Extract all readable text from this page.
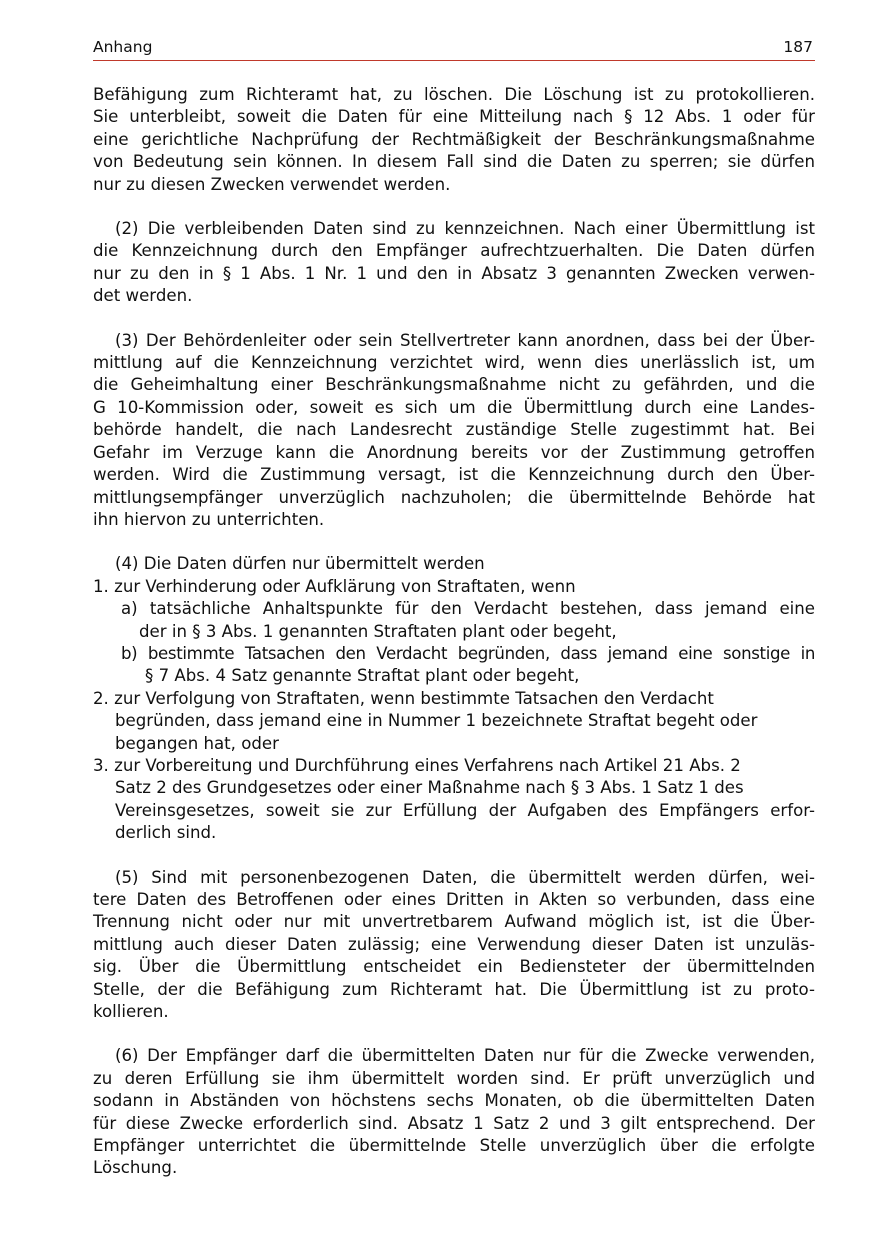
Anhang	187
Befähigung zum Richteramt hat, zu löschen. Die Löschung ist zu protokollieren.
Sie unterbleibt, soweit die Daten für eine Mitteilung nach § 12 Abs. 1 oder für
eine gerichtliche Nachprüfung der Rechtmäßigkeit der Beschränkungsmaßnahme
von Bedeutung sein können. In diesem Fall sind die Daten zu sperren; sie dürfen
nur zu diesen Zwecken verwendet werden.
(2) Die verbleibenden Daten sind zu kennzeichnen. Nach einer Übermittlung ist
die Kennzeichnung durch den Empfänger aufrechtzuerhalten. Die Daten dürfen
nur zu den in § 1 Abs. 1 Nr. 1 und den in Absatz 3 genannten Zwecken verwen-
det werden.
(3) Der Behördenleiter oder sein Stellvertreter kann anordnen, dass bei der Über-
mittlung auf die Kennzeichnung verzichtet wird, wenn dies unerlässlich ist, um
die Geheimhaltung einer Beschränkungsmaßnahme nicht zu gefährden, und die
G 10-Kommission oder, soweit es sich um die Übermittlung durch eine Landes-
behörde handelt, die nach Landesrecht zuständige Stelle zugestimmt hat. Bei
Gefahr im Verzuge kann die Anordnung bereits vor der Zustimmung getroffen
werden. Wird die Zustimmung versagt, ist die Kennzeichnung durch den Über-
mittlungsempfänger unverzüglich nachzuholen; die übermittelnde Behörde hat
ihn hiervon zu unterrichten.
(4) Die Daten dürfen nur übermittelt werden
1. zur Verhinderung oder Aufklärung von Straftaten, wenn
a) tatsächliche Anhaltspunkte für den Verdacht bestehen, dass jemand eine
der in § 3 Abs. 1 genannten Straftaten plant oder begeht,
b) bestimmte Tatsachen den Verdacht begründen, dass jemand eine sonstige in
§ 7 Abs. 4 Satz genannte Straftat plant oder begeht,
2. zur Verfolgung von Straftaten, wenn bestimmte Tatsachen den Verdacht
begründen, dass jemand eine in Nummer 1 bezeichnete Straftat begeht oder
begangen hat, oder
3. zur Vorbereitung und Durchführung eines Verfahrens nach Artikel 21 Abs. 2
Satz 2 des Grundgesetzes oder einer Maßnahme nach § 3 Abs. 1 Satz 1 des
Vereinsgesetzes, soweit sie zur Erfüllung der Aufgaben des Empfängers erfor-
derlich sind.
(5) Sind mit personenbezogenen Daten, die übermittelt werden dürfen, wei-
tere Daten des Betroffenen oder eines Dritten in Akten so verbunden, dass eine
Trennung nicht oder nur mit unvertretbarem Aufwand möglich ist, ist die Über-
mittlung auch dieser Daten zulässig; eine Verwendung dieser Daten ist unzuläs-
sig. Über die Übermittlung entscheidet ein Bediensteter der übermittelnden
Stelle, der die Befähigung zum Richteramt hat. Die Übermittlung ist zu proto-
kollieren.
(6) Der Empfänger darf die übermittelten Daten nur für die Zwecke verwenden,
zu deren Erfüllung sie ihm übermittelt worden sind. Er prüft unverzüglich und
sodann in Abständen von höchstens sechs Monaten, ob die übermittelten Daten
für diese Zwecke erforderlich sind. Absatz 1 Satz 2 und 3 gilt entsprechend. Der
Empfänger unterrichtet die übermittelnde Stelle unverzüglich über die erfolgte
Löschung.
